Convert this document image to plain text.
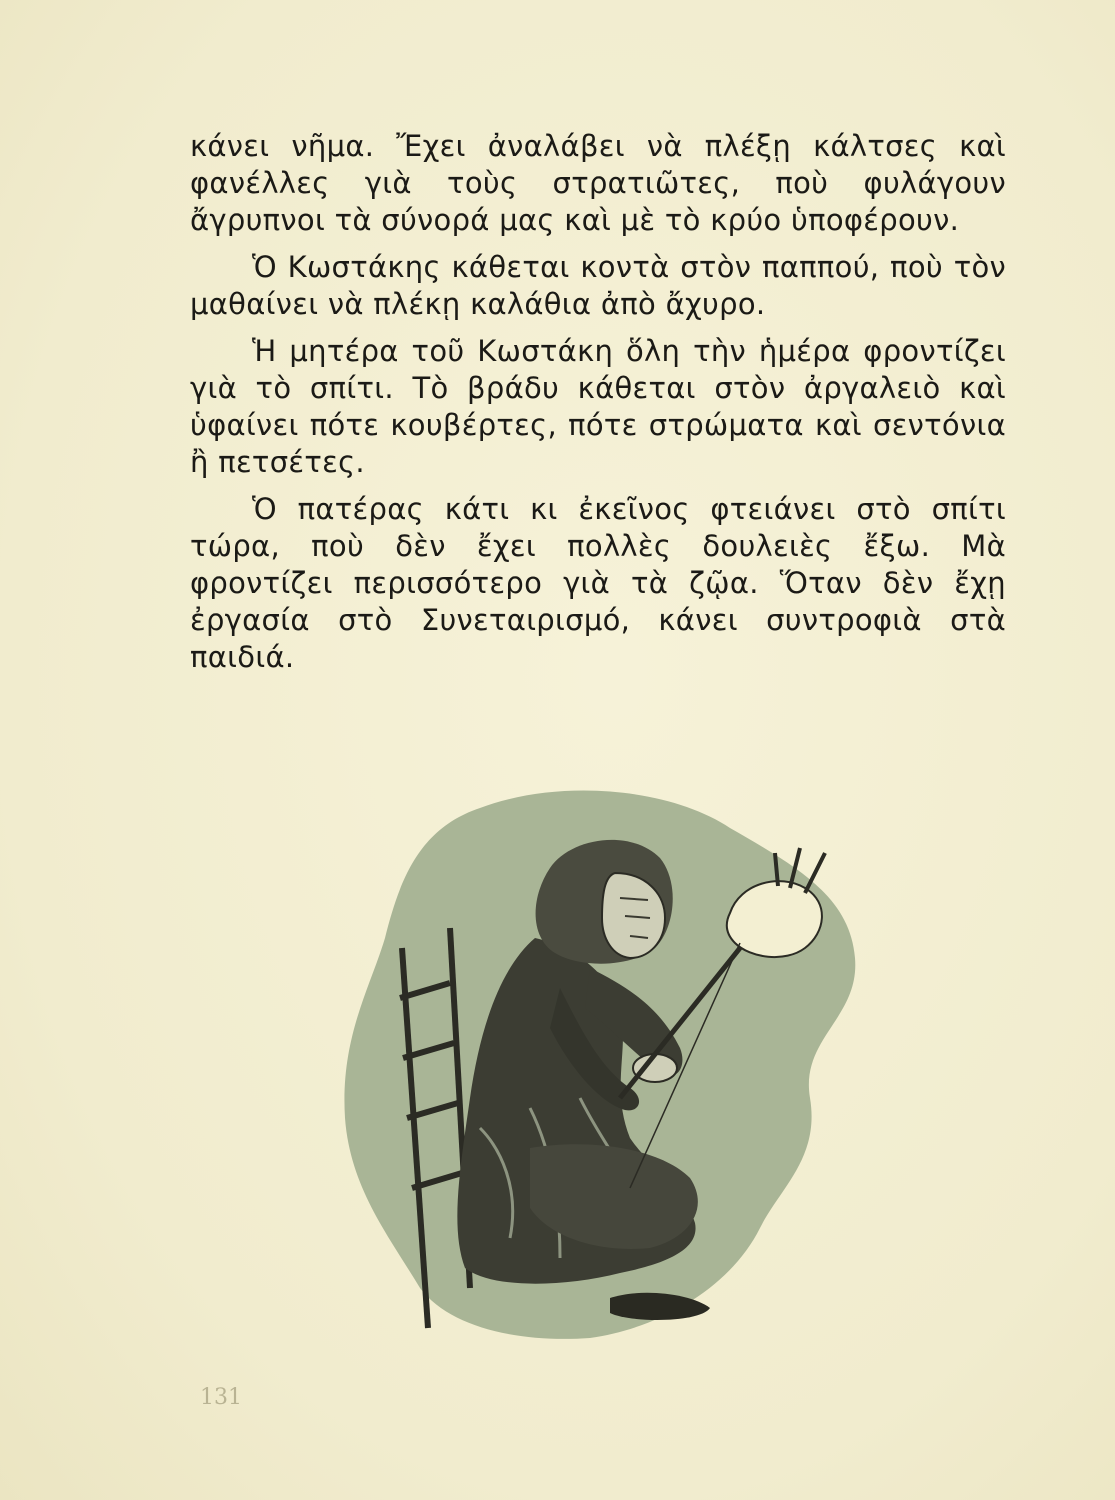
κάνει νῆμα. Ἔχει ἀναλάβει νὰ πλέξῃ κάλτσες καὶ φανέλλες γιὰ τοὺς στρατιῶτες, ποὺ φυλάγουν ἄγρυπνοι τὰ σύνορά μας καὶ μὲ τὸ κρύο ὑποφέρουν.

Ὁ Κωστάκης κάθεται κοντὰ στὸν παππού, ποὺ τὸν μαθαίνει νὰ πλέκῃ καλάθια ἀπὸ ἄχυρο.

Ἡ μητέρα τοῦ Κωστάκη ὅλη τὴν ἡμέρα φροντίζει γιὰ τὸ σπίτι. Τὸ βράδυ κάθεται στὸν ἀργαλειὸ καὶ ὑφαίνει πότε κουβέρτες, πότε στρώματα καὶ σεντόνια ἢ πετσέτες.

Ὁ πατέρας κάτι κι ἐκεῖνος φτειάνει στὸ σπίτι τώρα, ποὺ δὲν ἔχει πολλὲς δουλειὲς ἔξω. Μὰ φροντίζει περισσότερο γιὰ τὰ ζῷα. Ὅταν δὲν ἔχῃ ἐργασία στὸ Συνεταιρισμό, κάνει συντροφιὰ στὰ παιδιά.

131
